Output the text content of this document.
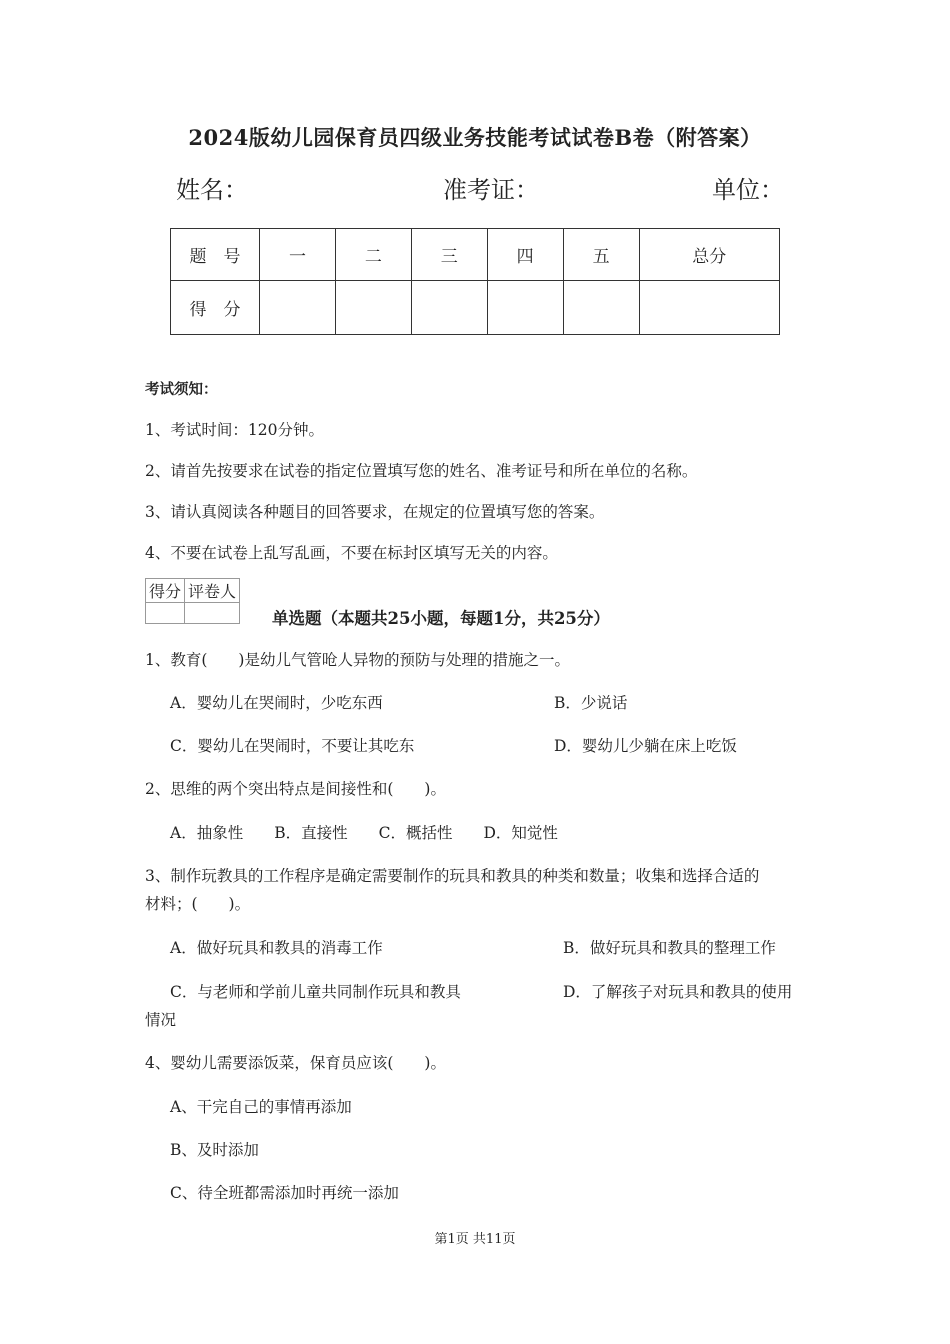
2024版幼儿园保育员四级业务技能考试试卷B卷（附答案）
姓名：	准考证：	单位：
题　号	一	二	三	四	五	总分
得　分						
考试须知：
1、考试时间：120分钟。
2、请首先按要求在试卷的指定位置填写您的姓名、准考证号和所在单位的名称。
3、请认真阅读各种题目的回答要求，在规定的位置填写您的答案。
4、不要在试卷上乱写乱画，不要在标封区填写无关的内容。
得分	评卷人

单选题（本题共25小题，每题1分，共25分）
1、教育(　　)是幼儿气管呛人异物的预防与处理的措施之一。
A．婴幼儿在哭闹时，少吃东西	B．少说话
C．婴幼儿在哭闹时，不要让其吃东	D．婴幼儿少躺在床上吃饭
2、思维的两个突出特点是间接性和(　　)。
A．抽象性　　B．直接性　　C．概括性　　D．知觉性
3、制作玩教具的工作程序是确定需要制作的玩具和教具的种类和数量；收集和选择合适的
材料；(　　)。
A．做好玩具和教具的消毒工作	B．做好玩具和教具的整理工作
C．与老师和学前儿童共同制作玩具和教具	D．了解孩子对玩具和教具的使用
情况
4、婴幼儿需要添饭菜，保育员应该(　　)。
A、干完自己的事情再添加
B、及时添加
C、待全班都需添加时再统一添加
第1页 共11页
